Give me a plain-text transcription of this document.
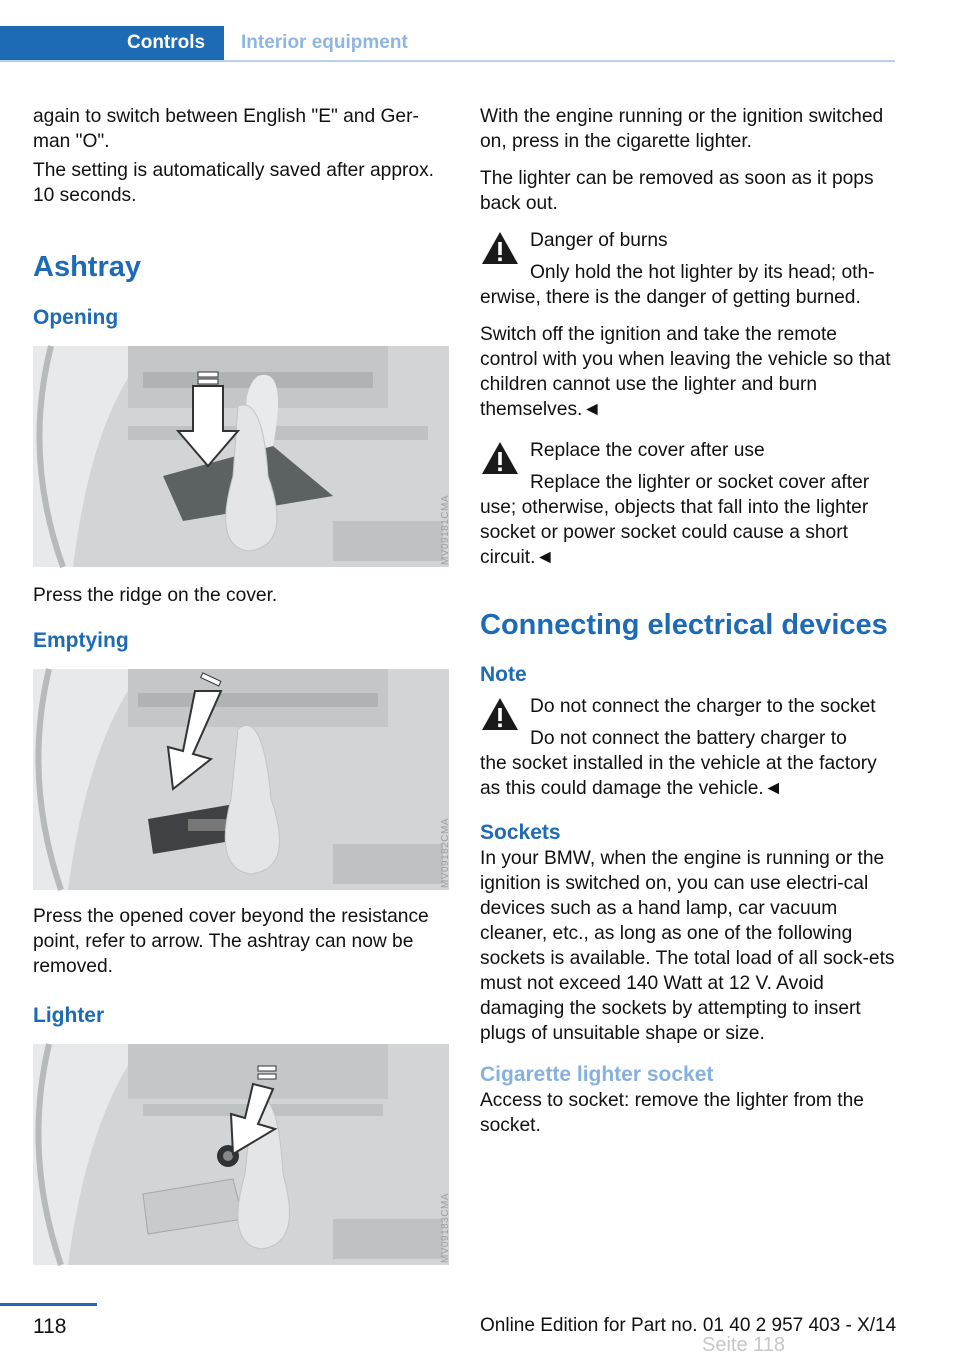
Controls Interior equipment

again to switch between English "E" and Ger-man "O".

The setting is automatically saved after approx. 10 seconds.

Ashtray
Opening
MV09181CMA

Press the ridge on the cover.

Emptying
MV09182CMA

Press the opened cover beyond the resistance point, refer to arrow. The ashtray can now be removed.

Lighter
MV09183CMA

With the engine running or the ignition switched on, press in the cigarette lighter.

The lighter can be removed as soon as it pops back out.

Danger of burns

Only hold the hot lighter by its head; oth-

erwise, there is the danger of getting burned.

Switch off the ignition and take the remote control with you when leaving the vehicle so that children cannot use the lighter and burn themselves.◄

Replace the cover after use

Replace the lighter or socket cover after

use; otherwise, objects that fall into the lighter socket or power socket could cause a short circuit.◄

Connecting electrical devices
Note

Do not connect the charger to the socket

Do not connect the battery charger to

the socket installed in the vehicle at the factory as this could damage the vehicle.◄

Sockets

In your BMW, when the engine is running or the ignition is switched on, you can use electri-cal devices such as a hand lamp, car vacuum cleaner, etc., as long as one of the following sockets is available. The total load of all sock-ets must not exceed 140 Watt at 12 V. Avoid damaging the sockets by attempting to insert plugs of unsuitable shape or size.

Cigarette lighter socket

Access to socket: remove the lighter from the socket.

118
Seite 118
Online Edition for Part no. 01 40 2 957 403 - X/14
